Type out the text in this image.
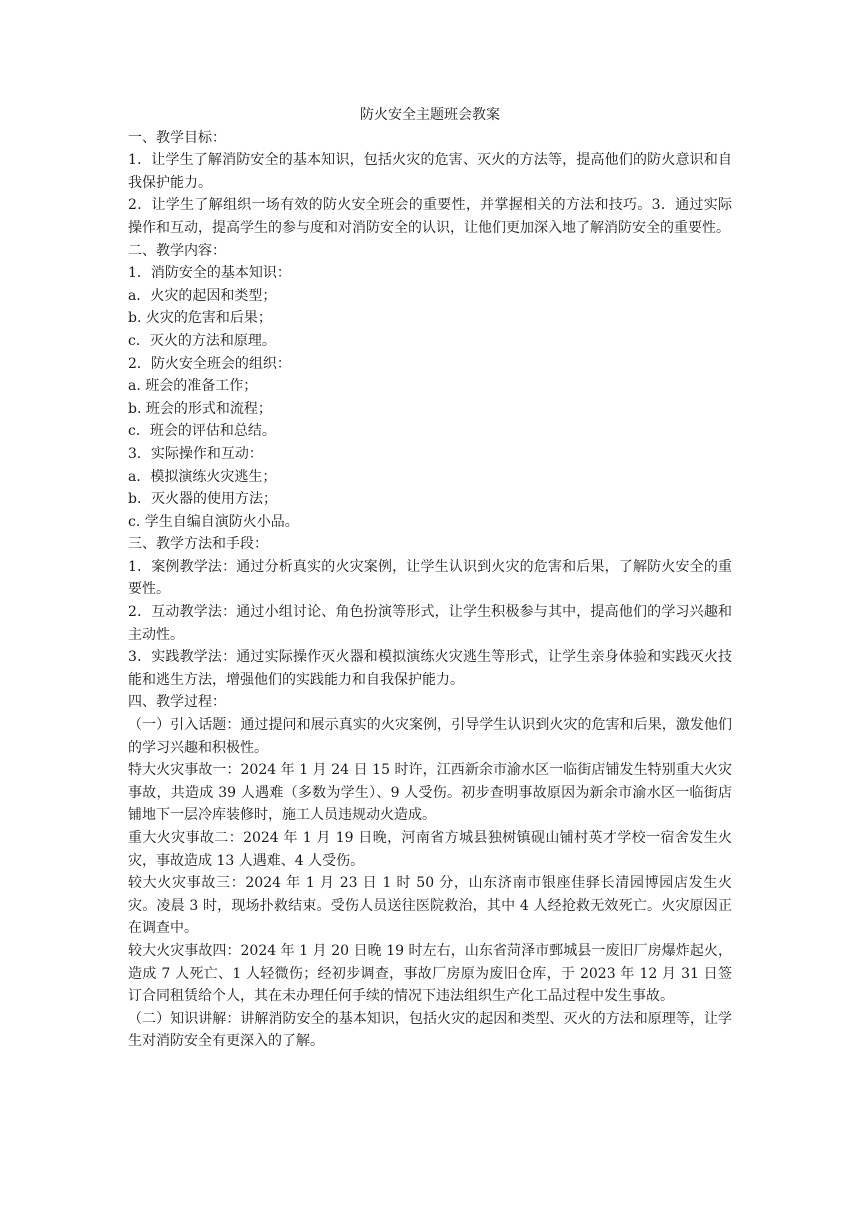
防火安全主题班会教案

一、教学目标：

1．让学生了解消防安全的基本知识，包括火灾的危害、灭火的方法等，提高他们的防火意识和自我保护能力。

2．让学生了解组织一场有效的防火安全班会的重要性，并掌握相关的方法和技巧。3．通过实际操作和互动，提高学生的参与度和对消防安全的认识，让他们更加深入地了解消防安全的重要性。

二、教学内容：

1．消防安全的基本知识：

a．火灾的起因和类型；

b. 火灾的危害和后果；

c．灭火的方法和原理。

2．防火安全班会的组织：

a. 班会的准备工作；

b. 班会的形式和流程；

c．班会的评估和总结。

3．实际操作和互动：

a．模拟演练火灾逃生；

b．灭火器的使用方法；

c. 学生自编自演防火小品。

三、教学方法和手段：

1．案例教学法：通过分析真实的火灾案例，让学生认识到火灾的危害和后果，了解防火安全的重要性。

2．互动教学法：通过小组讨论、角色扮演等形式，让学生积极参与其中，提高他们的学习兴趣和主动性。

3．实践教学法：通过实际操作灭火器和模拟演练火灾逃生等形式，让学生亲身体验和实践灭火技能和逃生方法，增强他们的实践能力和自我保护能力。

四、教学过程：

（一）引入话题：通过提问和展示真实的火灾案例，引导学生认识到火灾的危害和后果，激发他们的学习兴趣和积极性。

特大火灾事故一：2024 年 1 月 24 日 15 时许，江西新余市渝水区一临街店铺发生特别重大火灾事故，共造成 39 人遇难（多数为学生）、9 人受伤。初步查明事故原因为新余市渝水区一临街店铺地下一层冷库装修时，施工人员违规动火造成。

重大火灾事故二：2024 年 1 月 19 日晚，河南省方城县独树镇砚山铺村英才学校一宿舍发生火灾，事故造成 13 人遇难、4 人受伤。

较大火灾事故三：2024 年 1 月 23 日 1 时 50 分，山东济南市银座佳驿长清园博园店发生火灾。凌晨 3 时，现场扑救结束。受伤人员送往医院救治，其中 4 人经抢救无效死亡。火灾原因正在调查中。

较大火灾事故四：2024 年 1 月 20 日晚 19 时左右，山东省菏泽市鄄城县一废旧厂房爆炸起火，造成 7 人死亡、1 人轻微伤；经初步调查，事故厂房原为废旧仓库，于 2023 年 12 月 31 日签订合同租赁给个人，其在未办理任何手续的情况下违法组织生产化工品过程中发生事故。

（二）知识讲解：讲解消防安全的基本知识，包括火灾的起因和类型、灭火的方法和原理等，让学生对消防安全有更深入的了解。
